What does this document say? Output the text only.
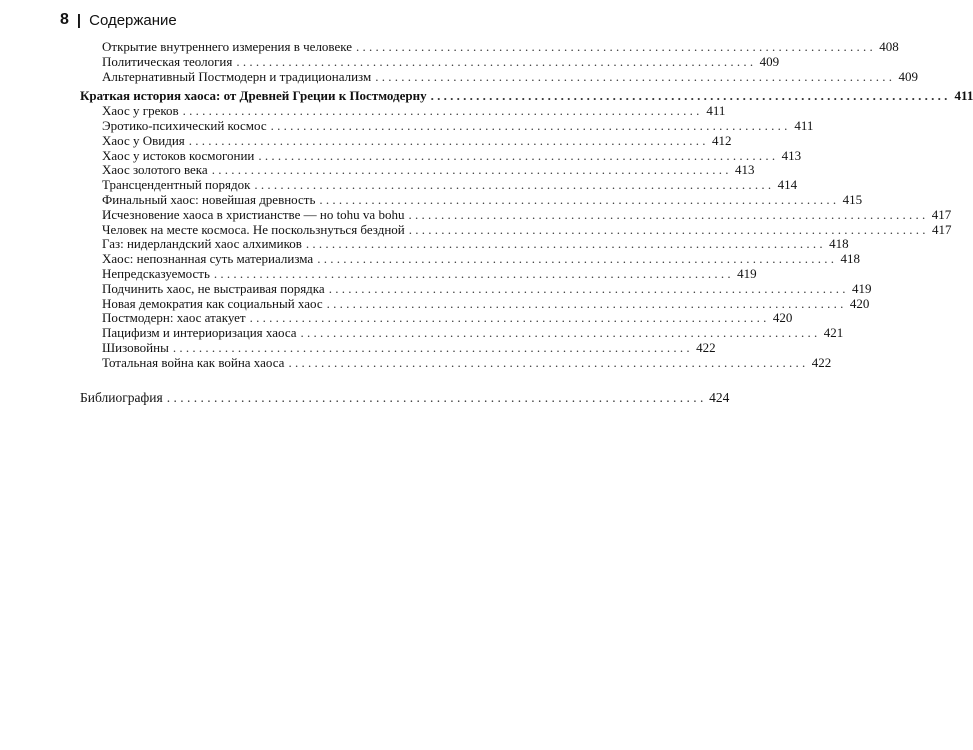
8 | Содержание
Открытие внутреннего измерения в человеке . . .	408
Политическая теология . . .	409
Альтернативный Постмодерн и традиционализм . . .	409
Краткая история хаоса: от Древней Греции к Постмодерну . . .	411
Хаос у греков . . .	411
Эротико-психический космос . . .	411
Хаос у Овидия . . .	412
Хаос у истоков космогонии . . .	413
Хаос золотого века . . .	413
Трансцендентный порядок . . .	414
Финальный хаос: новейшая древность . . .	415
Исчезновение хаоса в христианстве — но tohu va bohu . . .	417
Человек на месте космоса. Не поскользнуться бездной . . .	417
Газ: нидерландский хаос алхимиков . . .	418
Хаос: непознанная суть материализма . . .	418
Непредсказуемость . . .	419
Подчинить хаос, не выстраивая порядка . . .	419
Новая демократия как социальный хаос . . .	420
Постмодерн: хаос атакует . . .	420
Пацифизм и интериоризация хаоса . . .	421
Шизовойны . . .	422
Тотальная война как война хаоса . . .	422
Библиография . . .	424
